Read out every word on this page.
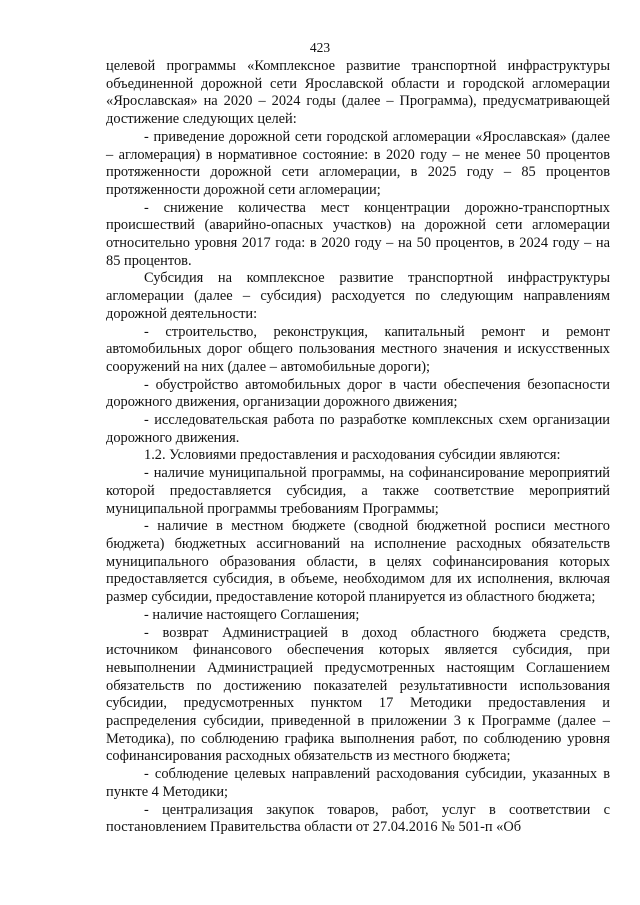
423

целевой программы «Комплексное развитие транспортной инфраструктуры объединенной дорожной сети Ярославской области и городской агломерации «Ярославская» на 2020 – 2024 годы (далее – Программа), предусматривающей достижение следующих целей:

- приведение дорожной сети городской агломерации «Ярославская» (далее – агломерация) в нормативное состояние: в 2020 году – не менее 50 процентов протяженности дорожной сети агломерации, в 2025 году – 85 процентов протяженности дорожной сети агломерации;

- снижение количества мест концентрации дорожно-транспортных происшествий (аварийно-опасных участков) на дорожной сети агломерации относительно уровня 2017 года: в 2020 году – на 50 процентов, в 2024 году – на 85 процентов.

Субсидия на комплексное развитие транспортной инфраструктуры агломерации (далее – субсидия) расходуется по следующим направлениям дорожной деятельности:

- строительство, реконструкция, капитальный ремонт и ремонт автомобильных дорог общего пользования местного значения и искусственных сооружений на них (далее – автомобильные дороги);

- обустройство автомобильных дорог в части обеспечения безопасности дорожного движения, организации дорожного движения;

- исследовательская работа по разработке комплексных схем организации дорожного движения.

1.2. Условиями предоставления и расходования субсидии являются:

- наличие муниципальной программы, на софинансирование мероприятий которой предоставляется субсидия, а также соответствие мероприятий муниципальной программы требованиям Программы;

- наличие в местном бюджете (сводной бюджетной росписи местного бюджета) бюджетных ассигнований на исполнение расходных обязательств муниципального образования области, в целях софинансирования которых предоставляется субсидия, в объеме, необходимом для их исполнения, включая размер субсидии, предоставление которой планируется из областного бюджета;

- наличие настоящего Соглашения;

- возврат Администрацией в доход областного бюджета средств, источником финансового обеспечения которых является субсидия, при невыполнении Администрацией предусмотренных настоящим Соглашением обязательств по достижению показателей результативности использования субсидии, предусмотренных пунктом 17 Методики предоставления и распределения субсидии, приведенной в приложении 3 к Программе (далее – Методика), по соблюдению графика выполнения работ, по соблюдению уровня софинансирования расходных обязательств из местного бюджета;

- соблюдение целевых направлений расходования субсидии, указанных в пункте 4 Методики;

- централизация закупок товаров, работ, услуг в соответствии с постановлением Правительства области от 27.04.2016 № 501-п «Об
